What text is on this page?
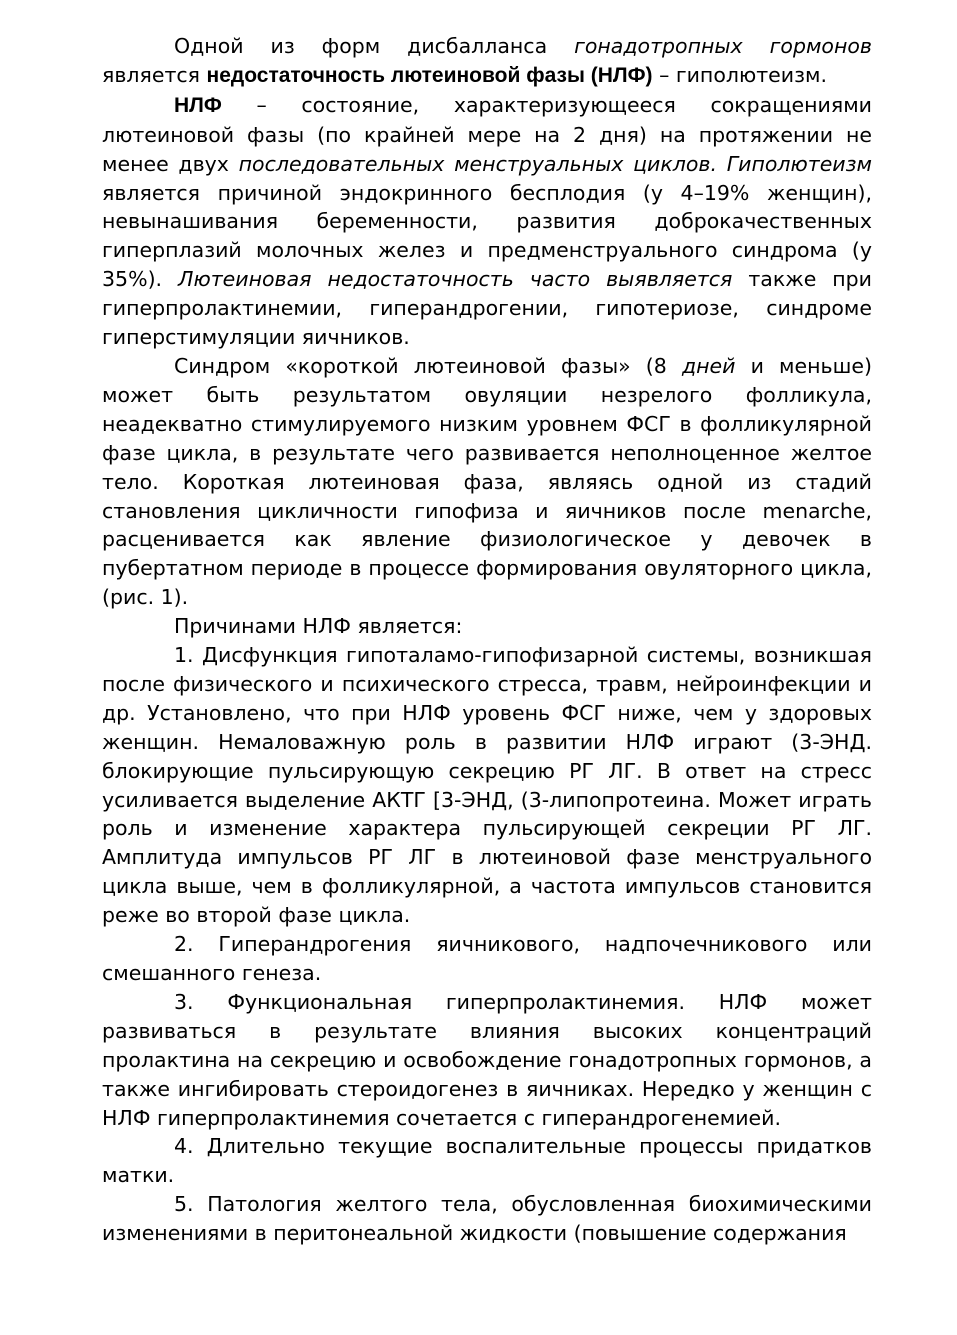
Одной из форм дисбалланса гонадотропных гормонов является недостаточность лютеиновой фазы (НЛФ) – гиполютеизм.

НЛФ – состояние, характеризующееся сокращениями лютеиновой фазы (по крайней мере на 2 дня) на протяжении не менее двух последовательных менструальных циклов. Гиполютеизм является причиной эндокринного бесплодия (у 4–19% женщин), невынашивания беременности, развития доброкачественных гиперплазий молочных желез и предменструального синдрома (у 35%). Лютеиновая недостаточность часто выявляется также при гиперпролактинемии, гиперандрогении, гипотериозе, синдроме гиперстимуляции яичников.

Синдром «короткой лютеиновой фазы» (8 дней и меньше) может быть результатом овуляции незрелого фолликула, неадекватно стимулируемого низким уровнем ФСГ в фолликулярной фазе цикла, в результате чего развивается неполноценное желтое тело. Короткая лютеиновая фаза, являясь одной из стадий становления цикличности гипофиза и яичников после menarche, расценивается как явление физиологическое у девочек в пубертатном периоде в процессе формирования овуляторного цикла, (рис. 1).

Причинами НЛФ является:

1. Дисфункция гипоталамо-гипофизарной системы, возникшая после физического и психического стресса, травм, нейроинфекции и др. Установлено, что при НЛФ уровень ФСГ ниже, чем у здоровых женщин. Немаловажную роль в развитии НЛФ играют (3-ЭНД. блокирующие пульсирующую секрецию РГ ЛГ. В ответ на стресс усиливается выделение АКТГ [3-ЭНД, (3-липопротеина. Может играть роль и изменение характера пульсирующей секреции РГ ЛГ. Амплитуда импульсов РГ ЛГ в лютеиновой фазе менструального цикла выше, чем в фолликулярной, а частота импульсов становится реже во второй фазе цикла.

2. Гиперандрогения яичникового, надпочечникового или смешанного генеза.

3. Функциональная гиперпролактинемия. НЛФ может развиваться в результате влияния высоких концентраций пролактина на секрецию и освобождение гонадотропных гормонов, а также ингибировать стероидогенез в яичниках. Нередко у женщин с НЛФ гиперпролактинемия сочетается с гиперандрогенемией.

4. Длительно текущие воспалительные процессы придатков матки.

5. Патология желтого тела, обусловленная биохимическими изменениями в перитонеальной жидкости (повышение содержания
